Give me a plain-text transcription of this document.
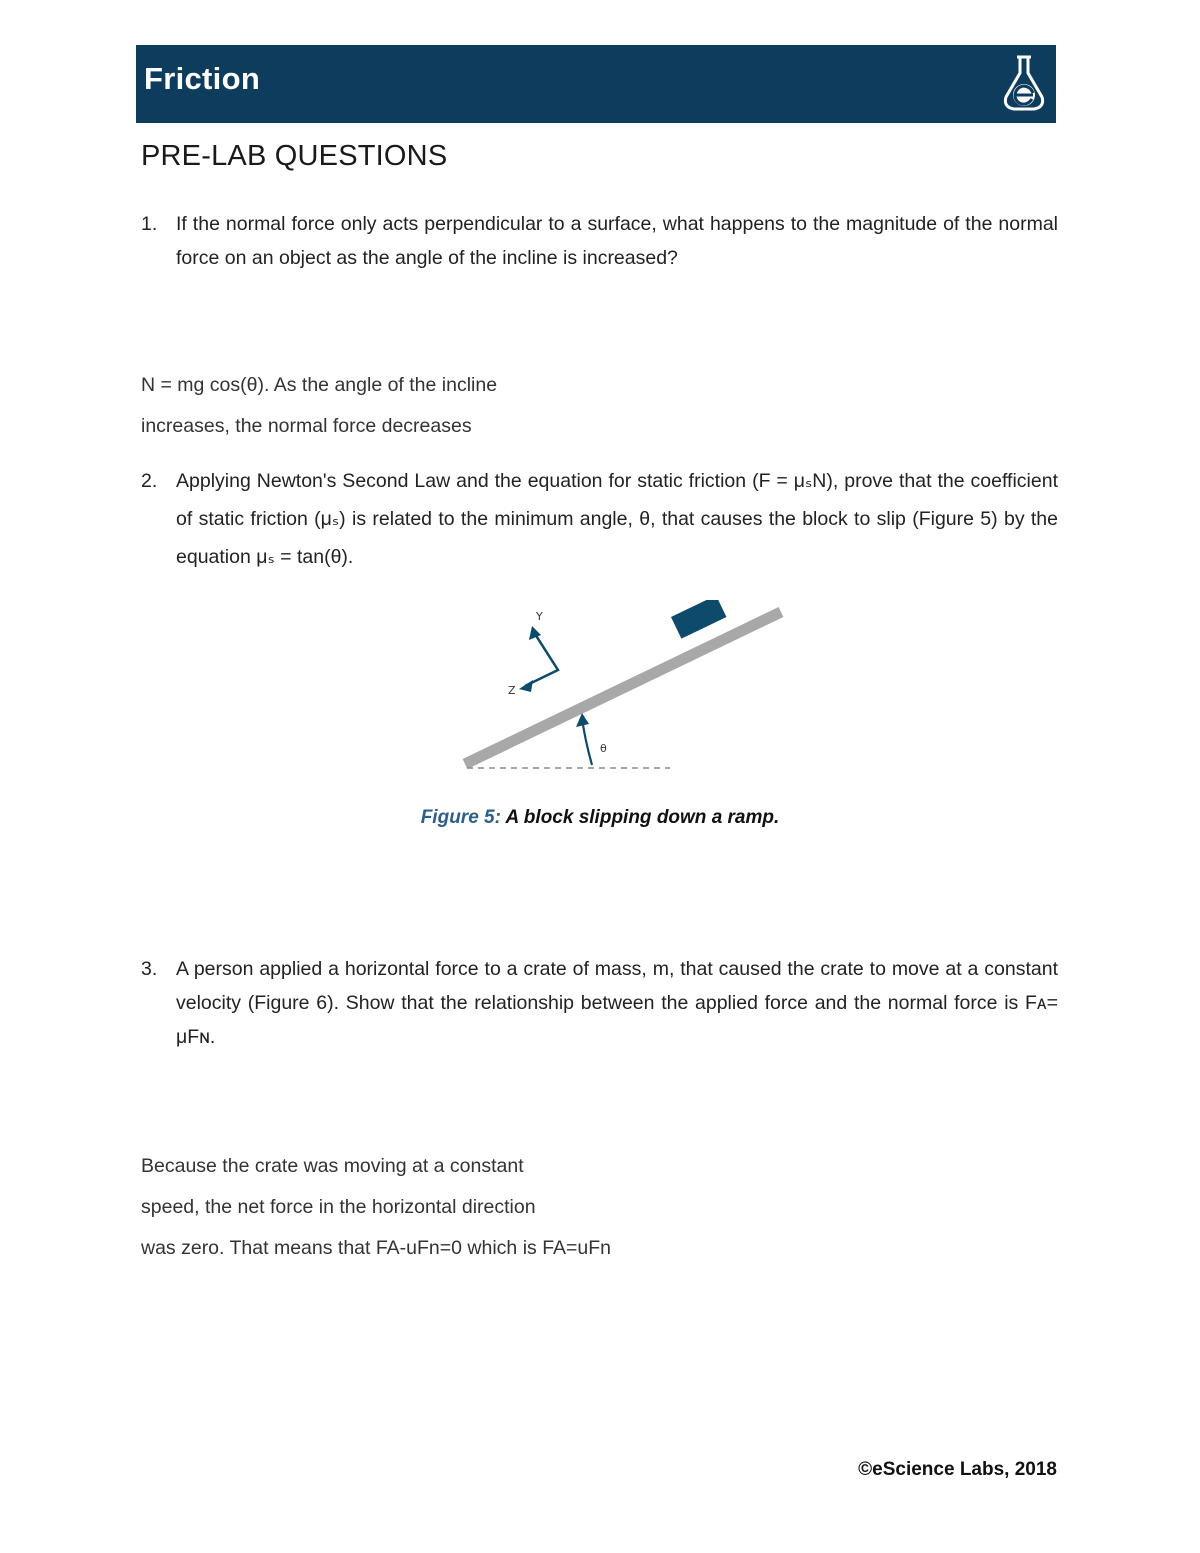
Friction
PRE-LAB QUESTIONS
1. If the normal force only acts perpendicular to a surface, what happens to the magnitude of the normal force on an object as the angle of the incline is increased?
N = mg cos(θ). As the angle of the incline
increases, the normal force decreases
2. Applying Newton's Second Law and the equation for static friction (F = μₛN), prove that the coefficient of static friction (μₛ) is related to the minimum angle, θ, that causes the block to slip (Figure 5) by the equation μₛ = tan(θ).
θ
Y
Z
Figure 5: A block slipping down a ramp.
3. A person applied a horizontal force to a crate of mass, m, that caused the crate to move at a constant velocity (Figure 6). Show that the relationship between the applied force and the normal force is Fᴀ= μFɴ.
Because the crate was moving at a constant
speed, the net force in the horizontal direction
was zero. That means that FA-uFn=0 which is FA=uFn
©eScience Labs, 2018
